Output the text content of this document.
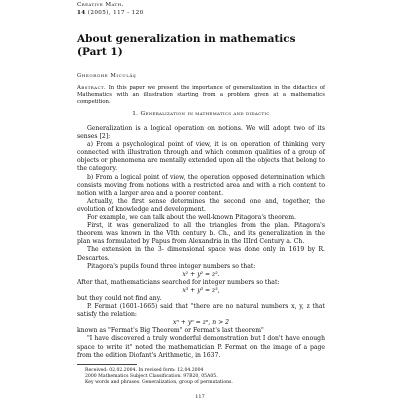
Creative Math.
14 (2005), 117 - 120
About generalization in mathematics
(Part 1)
Gheorghe Miculăş
Abstract. In this paper we present the importance of generalization in the didactics of Mathematics with an illustration starting from a problem given at a mathematics competition.
1. Generalization in mathematics and didactic

Generalization is a logical operation on notions. We will adopt two of its senses [2]:

a) From a psychological point of view, it is on operation of thinking very connected with illustration through and which common qualities of a group of objects or phenomena are mentally extended upon all the objects that belong to the category.

b) From a logical point of view, the operation opposed determination which consists moving from notions with a restricted area and with a rich content to notion with a larger area and a poorer content.

Actually, the first sense determines the second one and, together, the evolution of knowledge and development.

For example, we can talk about the well-known Pitagora's theorem.

First, it was generalized to all the triangles from the plan. Pitagora's theorem was known in the VIth century b. Ch., and its generalization in the plan was formulated by Papus from Alexandria in the IIIrd Century a. Ch.

The extension in the 3- dimensional space was done only in 1619 by R. Descartes.

Pitagora's pupils found three integer numbers so that:

x² + y² = z².

After that, mathematicians searched for integer numbers so that:

x³ + y³ = z³,

but they could not find any.

P. Fermat (1601-1665) said that "there are no natural numbers x, y, z that satisfy the relation:

xⁿ + yⁿ = zⁿ, n > 2

known as "Fermat's Big Theorem" or Fermat's last theorem"

"I have discovered a truly wonderful demonstration but I don't have enough space to write it" noted the mathematician P. Fermat on the image of a page from the edition Diofant's Arithmetic, in 1637.

Received: 02.02.2004. In revised form: 12.04.2004
2000 Mathematics Subject Classification. 97B20, 05A05.
Key words and phrases. Generalization, group of permutations.
117
